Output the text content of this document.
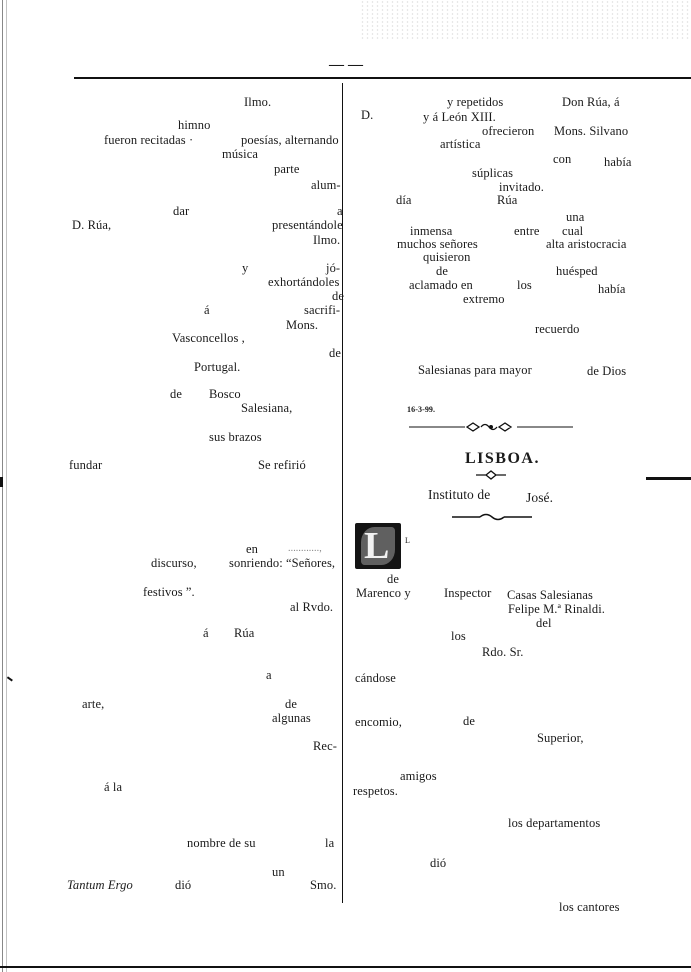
— —
Ilmo.
himno
fueron recitadas ·	poesías, alternando
música
parte
alum-
dar	a
D. Rúa,	presentándole
Ilmo.
y	jó-
exhortándoles
de
á	sacrifi-
Mons.
Vasconcellos ,
de
Portugal.
de Bosco
Salesiana,
sus brazos
fundar	Se refirió
en	............,
discurso,	sonriendo: “Señores,
festivos ”.
al Rvdo.
á Rúa
a
arte,	de
algunas
Rec-
á la
nombre de su	la
un
Tantum Ergo	dió	Smo.
y repetidos	Don Rúa, á
D.	y á León XIII.
ofrecieron Mons. Silvano
artística
con	había
súplicas
invitado.
día	Rúa
una
inmensa	entre cual
muchos señores	alta aristocracia
quisieron
de	huésped
aclamado en	los	había
extremo
recuerdo
Salesianas para mayor	de Dios
16-3-99.
LISBOA.
Instituto de	José.
L L
de
Marenco y	Inspector Casas Salesianas
Felipe M.ª Rinaldi.
del
los
Rdo. Sr.
cándose
encomio,	de
Superior,
amigos
respetos.
los departamentos
dió
los cantores
